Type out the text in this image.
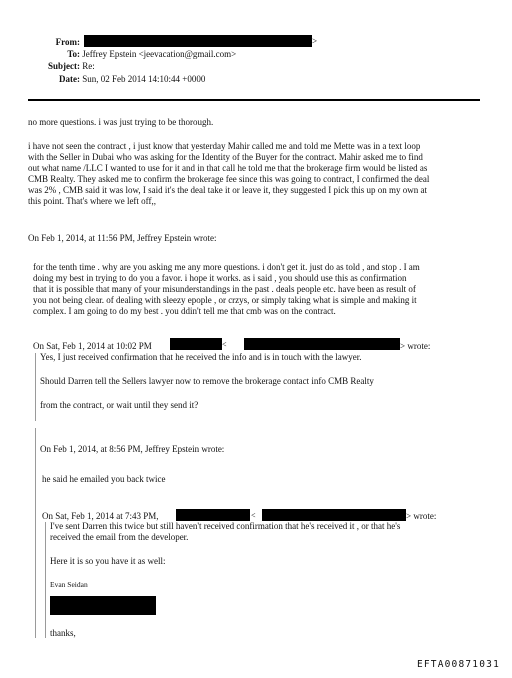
From:	>
To: Jeffrey Epstein <jeevacation@gmail.com>
Subject: Re:
Date: Sun, 02 Feb 2014 14:10:44 +0000
no more questions. i was just trying to be thorough.
i have not seen the contract , i just know that yesterday Mahir called me and told me Mette was in a text loop
with the Seller in Dubai who was asking for the Identity of the Buyer for the contract. Mahir asked me to find
out what name /LLC I wanted to use for it and in that call he told me that the brokerage firm would be listed as
CMB Realty. They asked me to confirm the brokerage fee since this was going to contract, I confirmed the deal
was 2% , CMB said it was low, I said it's the deal take it or leave it, they suggested I pick this up on my own at
this point. That's where we left off,,
On Feb 1, 2014, at 11:56 PM, Jeffrey Epstein wrote:
for the tenth time . why are you asking me any more questions. i don't get it. just do as told , and stop . I am
doing my best in trying to do you a favor. i hope it works. as i said , you should use this as confirmation
that it is possible that many of your misunderstandings in the past . deals people etc. have been as result of
you not being clear. of dealing with sleezy epople , or crzys, or simply taking what is simple and making it
complex. I am going to do my best . you ddin't tell me that cmb was on the contract.
On Sat, Feb 1, 2014 at 10:02 PM	<	> wrote:
Yes, I just received confirmation that he received the info and is in touch with the lawyer.
Should Darren tell the Sellers lawyer now to remove the brokerage contact info CMB Realty
from the contract, or wait until they send it?
On Feb 1, 2014, at 8:56 PM, Jeffrey Epstein wrote:
he said he emailed you back twice
On Sat, Feb 1, 2014 at 7:43 PM,	<	> wrote:
I've sent Darren this twice but still haven't received confirmation that he's received it , or that he's
received the email from the developer.
Here it is so you have it as well:
Evan Seidan
thanks,
EFTA00871031
